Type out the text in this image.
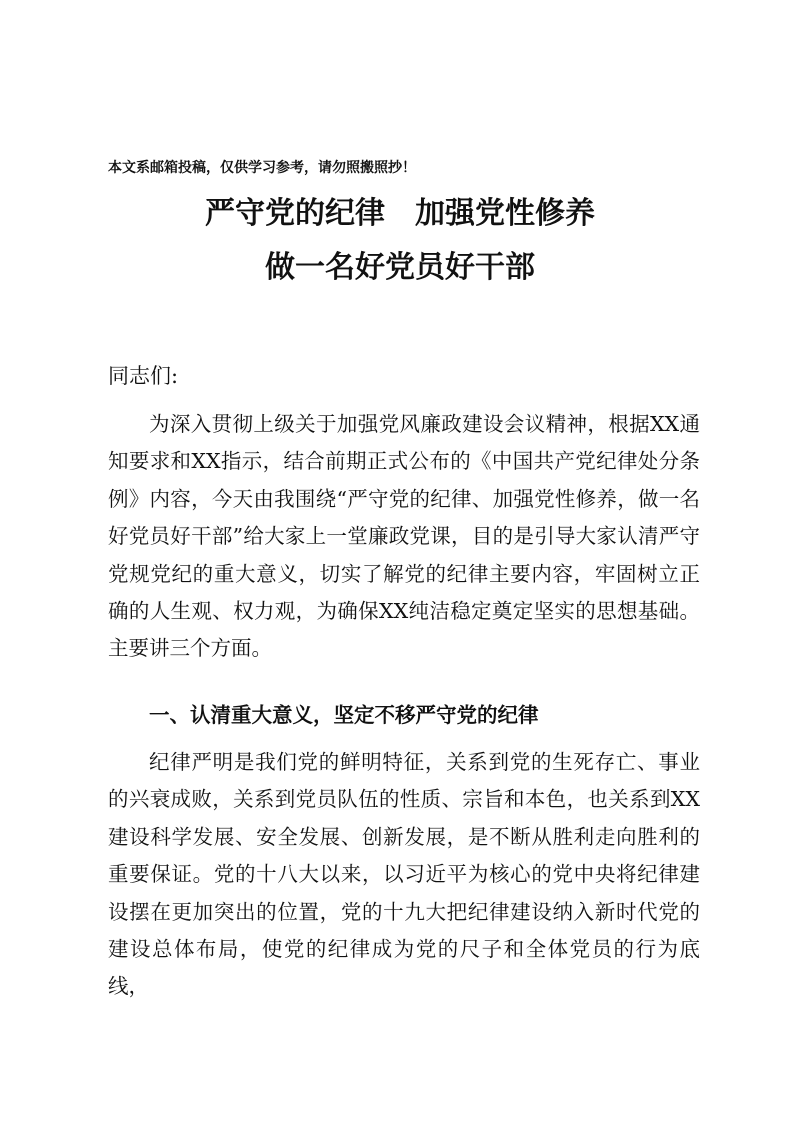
本文系邮箱投稿，仅供学习参考，请勿照搬照抄！
严守党的纪律　加强党性修养
做一名好党员好干部
同志们:

为深入贯彻上级关于加强党风廉政建设会议精神，根据XX通知要求和XX指示，结合前期正式公布的《中国共产党纪律处分条例》内容，今天由我围绕“严守党的纪律、加强党性修养，做一名好党员好干部”给大家上一堂廉政党课，目的是引导大家认清严守党规党纪的重大意义，切实了解党的纪律主要内容，牢固树立正确的人生观、权力观，为确保XX纯洁稳定奠定坚实的思想基础。主要讲三个方面。

一、认清重大意义，坚定不移严守党的纪律

纪律严明是我们党的鲜明特征，关系到党的生死存亡、事业的兴衰成败，关系到党员队伍的性质、宗旨和本色，也关系到XX建设科学发展、安全发展、创新发展，是不断从胜利走向胜利的重要保证。党的十八大以来，以习近平为核心的党中央将纪律建设摆在更加突出的位置，党的十九大把纪律建设纳入新时代党的建设总体布局，使党的纪律成为党的尺子和全体党员的行为底线，
